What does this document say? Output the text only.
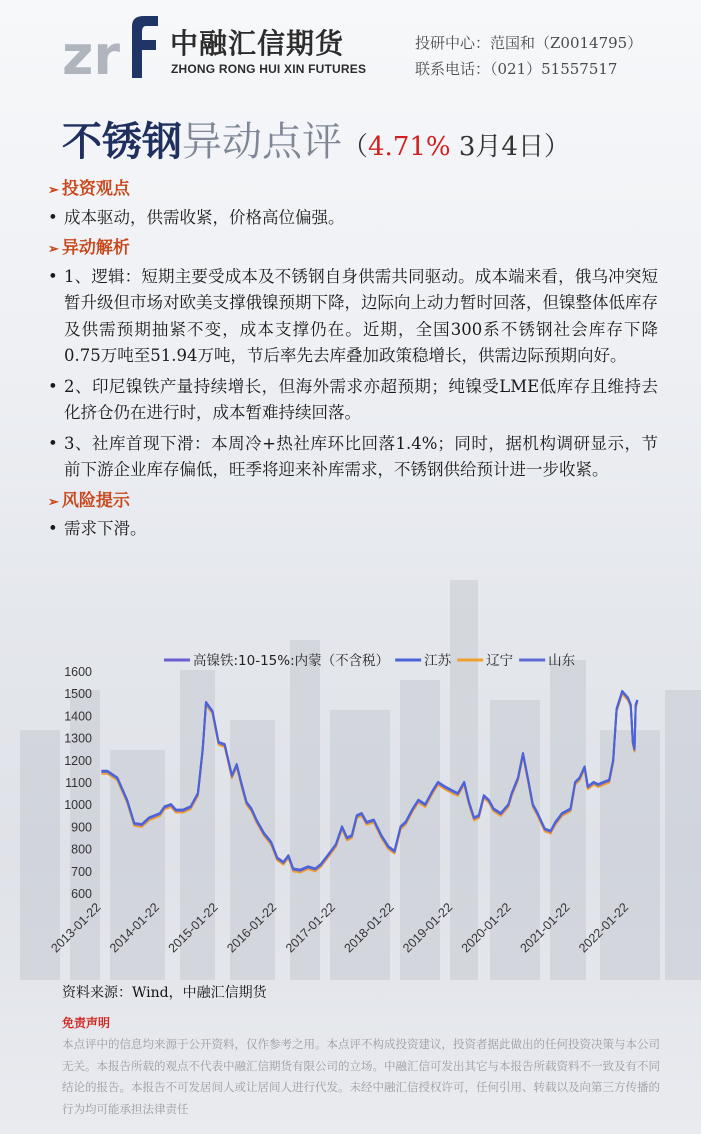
zr 中融汇信期货
ZHONG RONG HUI XIN FUTURES
投研中心：范国和（Z0014795）
联系电话：（021）51557517
不锈钢异动点评（4.71% 3月4日）

➢ 投资观点

• 成本驱动，供需收紧，价格高位偏强。

➢ 异动解析

• 1、逻辑：短期主要受成本及不锈钢自身供需共同驱动。成本端来看，俄乌冲突短暂升级但市场对欧美支撑俄镍预期下降，边际向上动力暂时回落，但镍整体低库存及供需预期抽紧不变，成本支撑仍在。近期，全国300系不锈钢社会库存下降0.75万吨至51.94万吨，节后率先去库叠加政策稳增长，供需边际预期向好。
• 2、印尼镍铁产量持续增长，但海外需求亦超预期；纯镍受LME低库存且维持去化挤仓仍在进行时，成本暂难持续回落。
• 3、社库首现下滑：本周冷+热社库环比回落1.4%；同时，据机构调研显示，节前下游企业库存偏低，旺季将迎来补库需求，不锈钢供给预计进一步收紧。

➢ 风险提示

• 需求下滑。
600
700
800
900
1000
1100
1200
1300
1400
1500
1600
2013-01-22 2014-01-22 2015-01-22 2016-01-22 2017-01-22 2018-01-22 2019-01-22 2020-01-22 2021-01-22 2022-01-22
高镍铁:10-15%:内蒙（不含税）	江苏	辽宁	山东
资料来源：Wind，中融汇信期货
免责声明
本点评中的信息均来源于公开资料，仅作参考之用。本点评不构成投资建议，投资者据此做出的任何投资决策与本公司无关。本报告所载的观点不代表中融汇信期货有限公司的立场。中融汇信可发出其它与本报告所载资料不一致及有不同结论的报告。本报告不可发居间人或让居间人进行代发。未经中融汇信授权许可，任何引用、转载以及向第三方传播的行为均可能承担法律责任
